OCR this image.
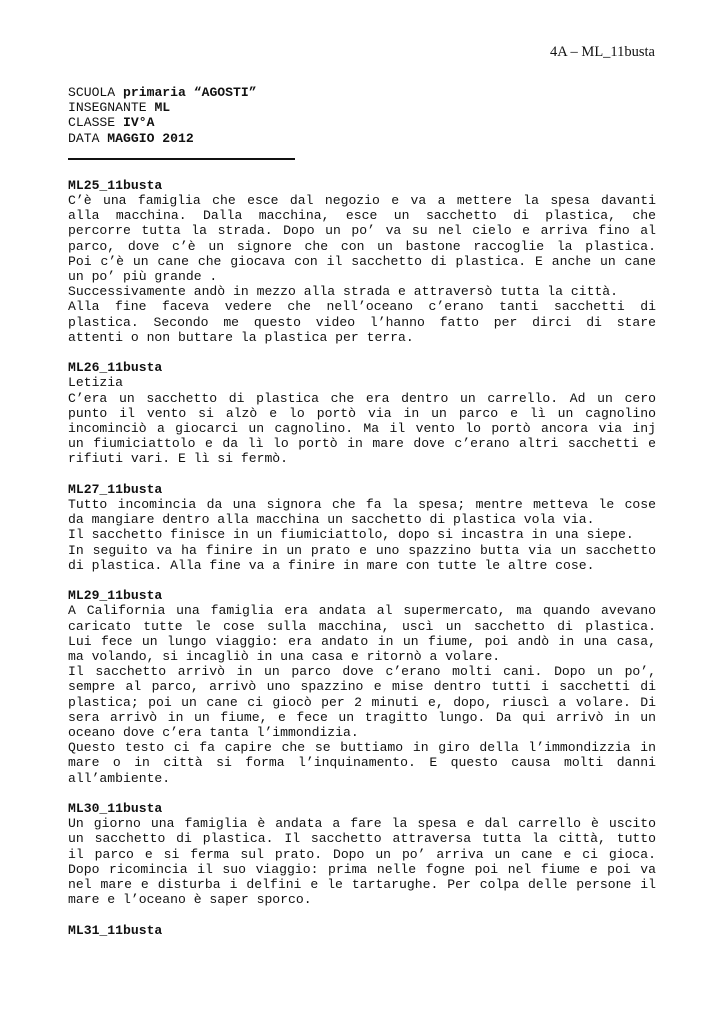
4A – ML_11busta
SCUOLA primaria “AGOSTI”
INSEGNANTE ML
CLASSE IV°A
DATA MAGGIO 2012
ML25_11busta
C’è una famiglia che esce dal negozio e va a mettere la spesa davanti
alla macchina. Dalla macchina, esce un sacchetto di plastica, che
percorre tutta la strada. Dopo un po’ va su nel cielo e arriva fino al
parco, dove c’è un signore che con un bastone raccoglie la plastica.
Poi c’è un cane che giocava con il sacchetto di plastica. E anche un cane
un po’ più grande .
Successivamente andò in mezzo alla strada e attraversò tutta la città.
Alla fine faceva vedere che nell’oceano c’erano tanti sacchetti di
plastica. Secondo me questo video l’hanno fatto per dirci di stare
attenti o non buttare la plastica per terra.
ML26_11busta
Letizia
C’era un sacchetto di plastica che era dentro un carrello. Ad un cero
punto il vento si alzò e lo portò via in un parco e lì un cagnolino
incominciò a giocarci un cagnolino. Ma il vento lo portò ancora via inj
un fiumiciattolo e da lì lo portò in mare dove c’erano altri sacchetti e
rifiuti vari. E lì si fermò.
ML27_11busta
Tutto incomincia da una signora che fa la spesa; mentre metteva le cose
da mangiare dentro alla macchina un sacchetto di plastica vola via.
Il sacchetto finisce in un fiumiciattolo, dopo si incastra in una siepe.
In seguito va ha finire in un prato e uno spazzino butta via un sacchetto
di plastica. Alla fine va a finire in mare con tutte le altre cose.
ML29_11busta
A California una famiglia era andata al supermercato, ma quando avevano
caricato tutte le cose sulla macchina, uscì un sacchetto di plastica.
Lui fece un lungo viaggio: era andato in un fiume, poi andò in una casa,
ma volando, si incagliò in una casa e ritornò a volare.
Il sacchetto arrivò in un parco dove c’erano molti cani. Dopo un po’,
sempre al parco, arrivò uno spazzino e mise dentro tutti i sacchetti di
plastica; poi un cane ci giocò per 2 minuti e, dopo, riuscì a volare. Di
sera arrivò in un fiume, e fece un tragitto lungo. Da qui arrivò in un
oceano dove c’era tanta l’immondizia.
Questo testo ci fa capire che se buttiamo in giro della l’immondizzia in
mare o in città si forma l’inquinamento. E questo causa molti danni
all’ambiente.
ML30_11busta
Un giorno una famiglia è andata a fare la spesa e dal carrello è uscito
un sacchetto di plastica. Il sacchetto attraversa tutta la città, tutto
il parco e si ferma sul prato. Dopo un po’ arriva un cane e ci gioca.
Dopo ricomincia il suo viaggio: prima nelle fogne poi nel fiume e poi va
nel mare e disturba i delfini e le tartarughe. Per colpa delle persone il
mare e l’oceano è saper sporco.
ML31_11busta
